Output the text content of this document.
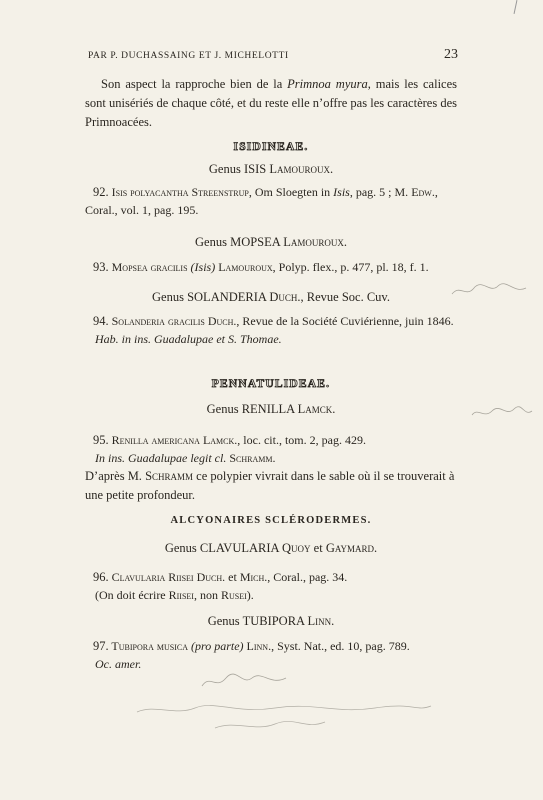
PAR P. DUCHASSAING ET J. MICHELOTTI	23
Son aspect la rapproche bien de la Primnoa myura, mais les calices sont unisériés de chaque côté, et du reste elle n’offre pas les caractères des Primnoacées.
ISIDINEAE.
Genus ISIS Lamouroux.
92. Isis polyacantha Streenstrup, Om Sloegten in Isis, pag. 5 ; M. Edw., Coral., vol. 1, pag. 195.
Genus MOPSEA Lamouroux.
93. Mopsea gracilis (Isis) Lamouroux, Polyp. flex., p. 477, pl. 18, f. 1.
Genus SOLANDERIA Duch., Revue Soc. Cuv.
94. Solanderia gracilis Duch., Revue de la Société Cuviérienne, juin 1846.
Hab. in ins. Guadalupae et S. Thomae.
PENNATULIDEAE.
Genus RENILLA Lamck.
95. Renilla americana Lamck., loc. cit., tom. 2, pag. 429.
In ins. Guadalupae legit cl. Schramm.
D’après M. Schramm ce polypier vivrait dans le sable où il se trouverait à une petite profondeur.
ALCYONAIRES SCLÉRODERMES.
Genus CLAVULARIA Quoy et Gaymard.
96. Clavularia Riisei Duch. et Mich., Coral., pag. 34.
(On doit écrire Riisei, non Rusei).
Genus TUBIPORA Linn.
97. Tubipora musica (pro parte) Linn., Syst. Nat., ed. 10, pag. 789.
Oc. amer.
